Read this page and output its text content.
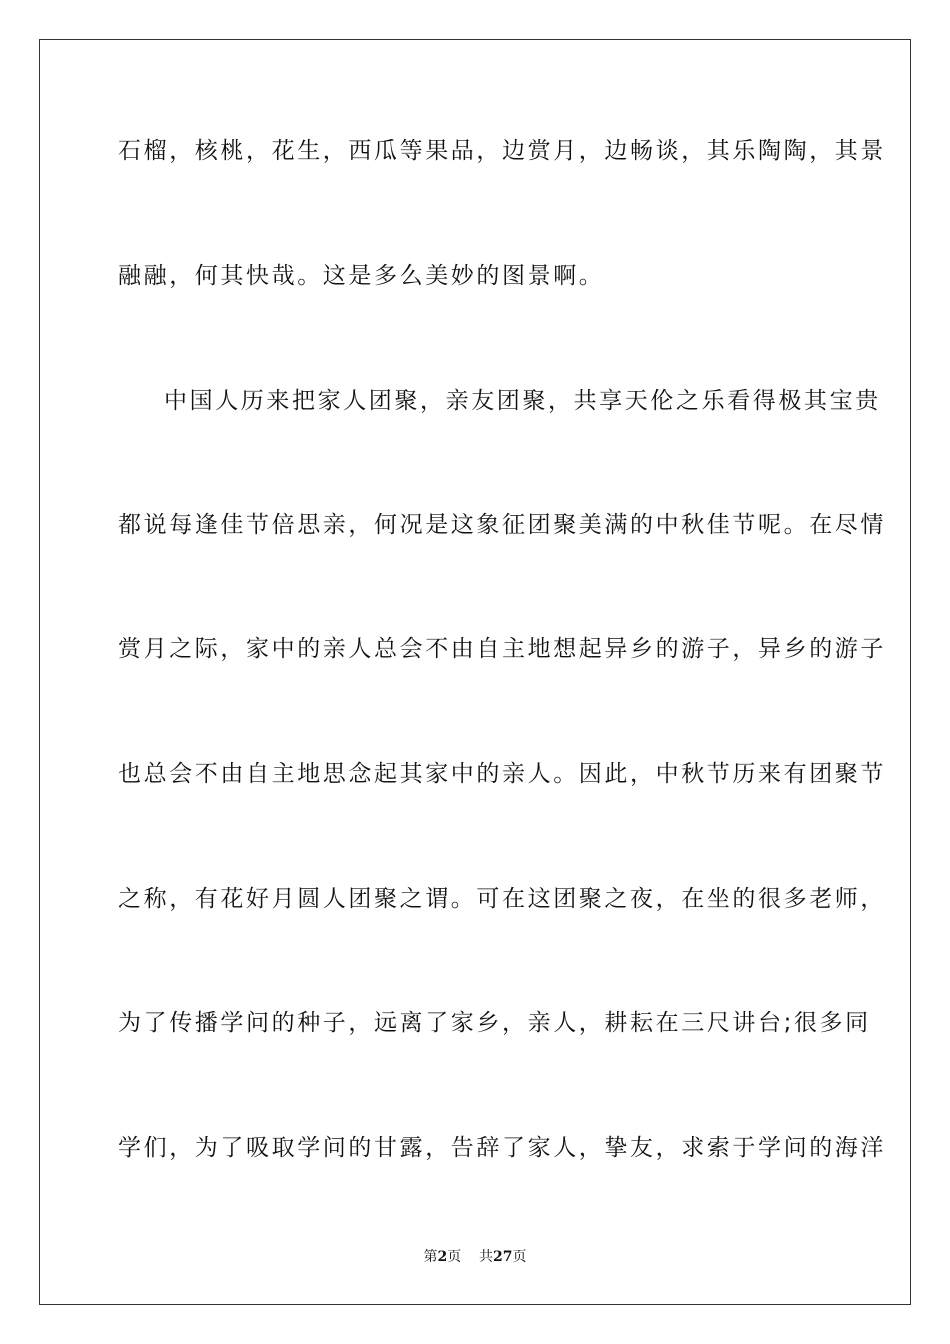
石榴，核桃，花生，西瓜等果品，边赏月，边畅谈，其乐陶陶，其景
融融，何其快哉。这是多么美妙的图景啊。
中国人历来把家人团聚，亲友团聚，共享天伦之乐看得极其宝贵
都说每逢佳节倍思亲，何况是这象征团聚美满的中秋佳节呢。在尽情
赏月之际，家中的亲人总会不由自主地想起异乡的游子，异乡的游子
也总会不由自主地思念起其家中的亲人。因此，中秋节历来有团聚节
之称，有花好月圆人团聚之谓。可在这团聚之夜，在坐的很多老师，
为了传播学问的种子，远离了家乡，亲人，耕耘在三尺讲台;很多同
学们，为了吸取学问的甘露，告辞了家人，挚友，求索于学问的海洋
第2页 共27页
